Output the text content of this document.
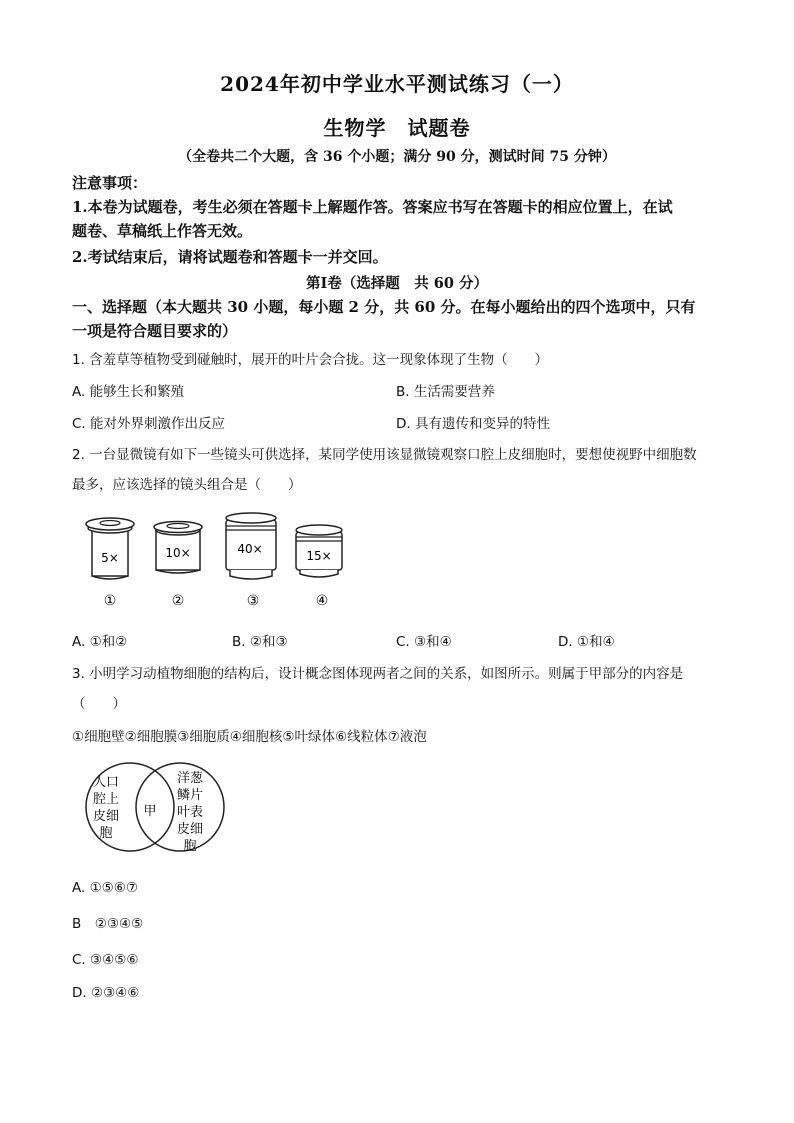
2024年初中学业水平测试练习（一）
生物学　试题卷
（全卷共二个大题，含 36 个小题；满分 90 分，测试时间 75 分钟）
注意事项：
1.本卷为试题卷，考生必须在答题卡上解题作答。答案应书写在答题卡的相应位置上，在试
题卷、草稿纸上作答无效。
2.考试结束后，请将试题卷和答题卡一并交回。
第Ⅰ卷（选择题　共 60 分）
一、选择题（本大题共 30 小题，每小题 2 分，共 60 分。在每小题给出的四个选项中，只有
一项是符合题目要求的）
1. 含羞草等植物受到碰触时，展开的叶片会合拢。这一现象体现了生物（　　）
A. 能够生长和繁殖	B. 生活需要营养
C. 能对外界刺激作出反应	D. 具有遗传和变异的特性
2. 一台显微镜有如下一些镜头可供选择，某同学使用该显微镜观察口腔上皮细胞时，要想使视野中细胞数
最多，应该选择的镜头组合是（　　）
5×
①
10×
②
40×
③
15×
④
A. ①和②	B. ②和③	C. ③和④	D. ①和④
3. 小明学习动植物细胞的结构后，设计概念图体现两者之间的关系，如图所示。则属于甲部分的内容是
（　　）
①细胞壁②细胞膜③细胞质④细胞核⑤叶绿体⑥线粒体⑦液泡
人口
腔上
皮细
胞
甲
洋葱
鳞片
叶表
皮细
胞
A. ①⑤⑥⑦
B　②③④⑤
C. ③④⑤⑥
D. ②③④⑥
